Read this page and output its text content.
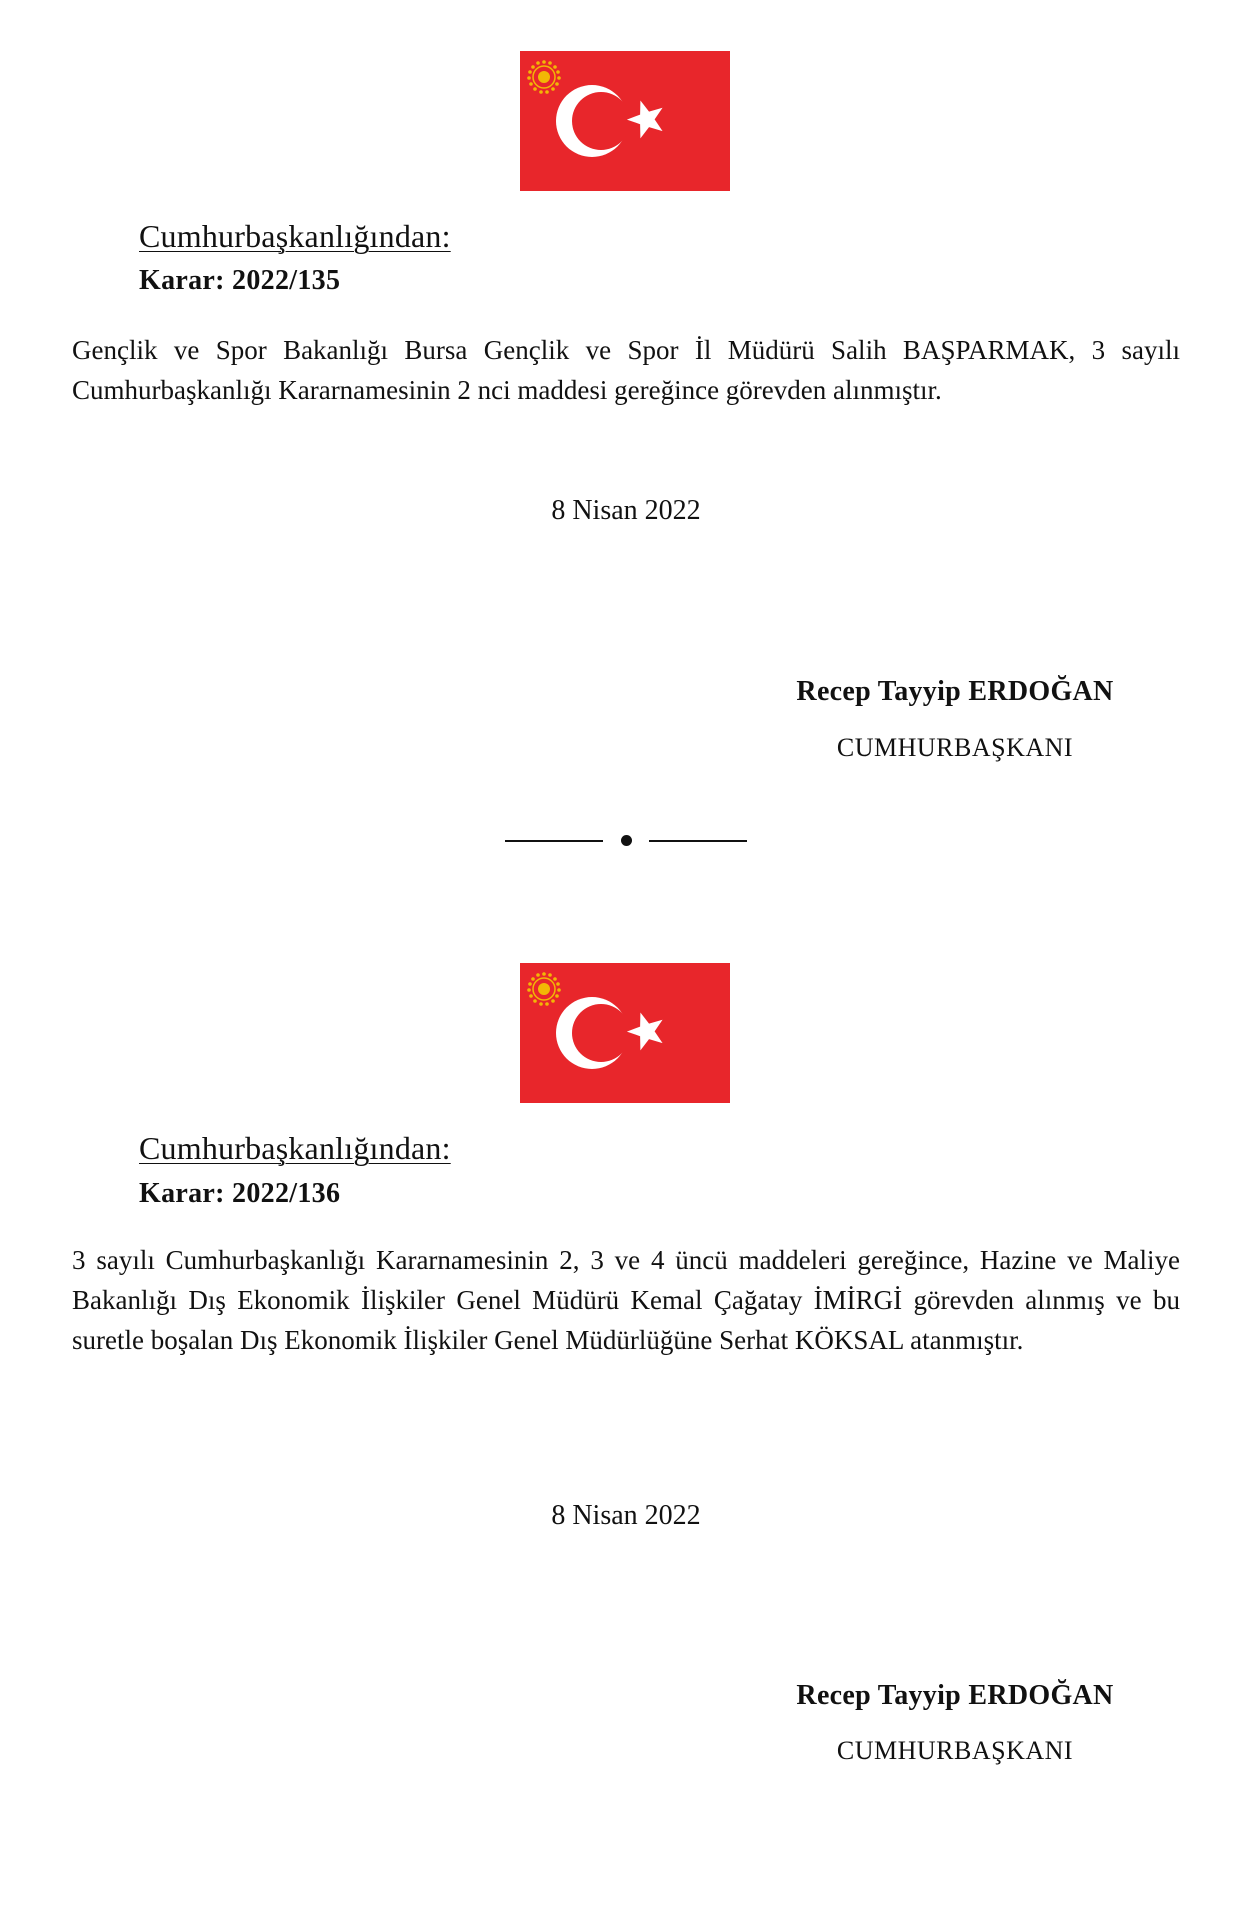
Cumhurbaşkanlığından:
Karar: 2022/135

Gençlik ve Spor Bakanlığı Bursa Gençlik ve Spor İl Müdürü Salih BAŞPARMAK, 3 sayılı Cumhurbaşkanlığı Kararnamesinin 2 nci maddesi gereğince görevden alınmıştır.

8 Nisan 2022
Recep Tayyip ERDOĞAN
CUMHURBAŞKANI
Cumhurbaşkanlığından:
Karar: 2022/136

3 sayılı Cumhurbaşkanlığı Kararnamesinin 2, 3 ve 4 üncü maddeleri gereğince, Hazine ve Maliye Bakanlığı Dış Ekonomik İlişkiler Genel Müdürü Kemal Çağatay İMİRGİ görevden alınmış ve bu suretle boşalan Dış Ekonomik İlişkiler Genel Müdürlüğüne Serhat KÖKSAL atanmıştır.

8 Nisan 2022
Recep Tayyip ERDOĞAN
CUMHURBAŞKANI
